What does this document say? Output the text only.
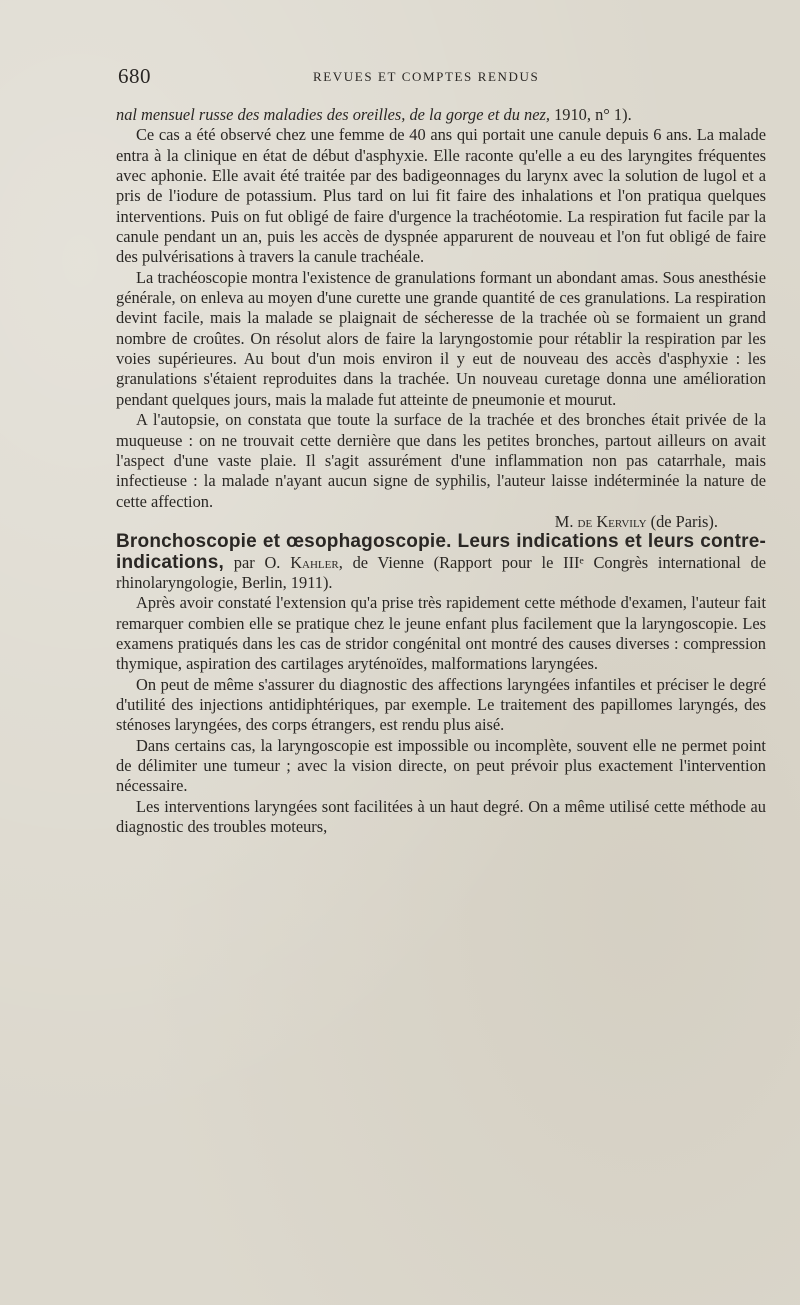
680	REVUES ET COMPTES RENDUS

nal mensuel russe des maladies des oreilles, de la gorge et du nez, 1910, n° 1).

Ce cas a été observé chez une femme de 40 ans qui portait une canule depuis 6 ans. La malade entra à la clinique en état de début d'asphyxie. Elle raconte qu'elle a eu des laryngites fréquentes avec aphonie. Elle avait été traitée par des badigeonnages du larynx avec la solution de lugol et a pris de l'iodure de potassium. Plus tard on lui fit faire des inhalations et l'on pratiqua quelques interventions. Puis on fut obligé de faire d'urgence la trachéotomie. La respiration fut facile par la canule pendant un an, puis les accès de dyspnée apparurent de nouveau et l'on fut obligé de faire des pulvérisations à travers la canule trachéale.

La trachéoscopie montra l'existence de granulations formant un abondant amas. Sous anesthésie générale, on enleva au moyen d'une curette une grande quantité de ces granulations. La respiration devint facile, mais la malade se plaignait de sécheresse de la trachée où se formaient un grand nombre de croûtes. On résolut alors de faire la laryngostomie pour rétablir la respiration par les voies supérieures. Au bout d'un mois environ il y eut de nouveau des accès d'asphyxie : les granulations s'étaient reproduites dans la trachée. Un nouveau curetage donna une amélioration pendant quelques jours, mais la malade fut atteinte de pneumonie et mourut.

A l'autopsie, on constata que toute la surface de la trachée et des bronches était privée de la muqueuse : on ne trouvait cette dernière que dans les petites bronches, partout ailleurs on avait l'aspect d'une vaste plaie. Il s'agit assurément d'une inflammation non pas catarrhale, mais infectieuse : la malade n'ayant aucun signe de syphilis, l'auteur laisse indéterminée la nature de cette affection.

M. de Kervily (de Paris).

Bronchoscopie et œsophagoscopie. Leurs indications et leurs contre-indications, par O. Kahler, de Vienne (Rapport pour le IIIᵉ Congrès international de rhinolaryngologie, Berlin, 1911).

Après avoir constaté l'extension qu'a prise très rapidement cette méthode d'examen, l'auteur fait remarquer combien elle se pratique chez le jeune enfant plus facilement que la laryngoscopie. Les examens pratiqués dans les cas de stridor congénital ont montré des causes diverses : compression thymique, aspiration des cartilages aryténoïdes, malformations laryngées.

On peut de même s'assurer du diagnostic des affections laryngées infantiles et préciser le degré d'utilité des injections antidiphtériques, par exemple. Le traitement des papillomes laryngés, des sténoses laryngées, des corps étrangers, est rendu plus aisé.

Dans certains cas, la laryngoscopie est impossible ou incomplète, souvent elle ne permet point de délimiter une tumeur ; avec la vision directe, on peut prévoir plus exactement l'intervention nécessaire.

Les interventions laryngées sont facilitées à un haut degré. On a même utilisé cette méthode au diagnostic des troubles moteurs,
